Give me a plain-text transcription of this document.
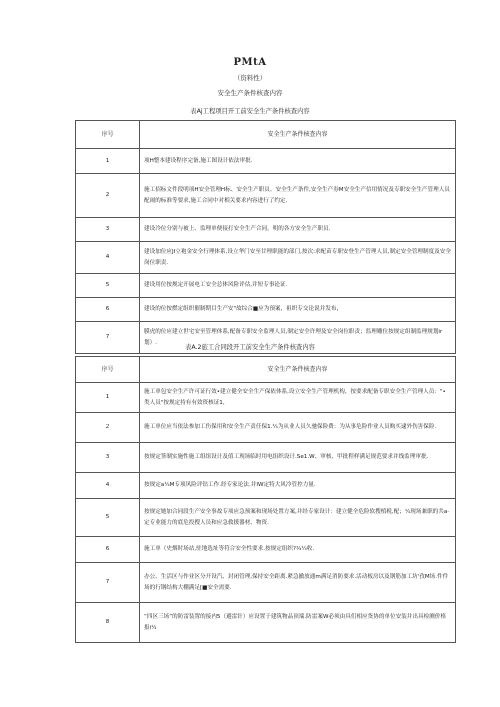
PMtA
（资料性）
安全生产条件核查内容
表Aj工程项目开工前安全生产条件核查内容
序号	安全生产条件核查内容
1	项H整本建设程序完备,施工图设计依法审批.
2	施工招标文件段明项H安全管理H标、安全生产职员、安全生产条件,安全生产券M安全生产信用情况及专职安全生产管理人员配闹的标准等要求,施工合同中对相关要求内容进行了约定.
3	建设冷位分别与被上、监理单便接打安全生产合同，明的各方安全生产职员.
4	建设加位应JI立袍金安全行理体系,设立华门安至甘理职能的部门,按次:求配苗专职安登生产管理人员,制定安全管理制度及安全岗位职责.
5	建设用位按规定开展电工安全总体风险评估,并短专事论证.
6	建设的位按燃定组织催制期目生产安"故综合■应为预案，祖织专交论说并发布，
7	膜虎的位应建立世宅安至管理体系,配备专职安全监理人员,制定安全许理及安全岗位职责；监理雕位按规定组制监理规划ir划）.
表A.2旅工合同段开工前安全生产条件核查内容
序号	安全生产条件核查内容
1	施工单包安全生产许可证行效•建立健全安全生产保依体系,设立安全生产管理机构，按要求配备专职安全生产管理人员："•类人员"按规定持有有效资核证1，
2	施工单位应当依法参加工伤保用和安全生产责任保1.¼为从业人员久驰保险费：为从事危险作业人员购买逮外伤害保险.
3	按规定签制实施性施工组组设计及值工现场临时用电组织设计.Se1.W、审核、甲批程样满足规范要求并线监理审批.
4	按规定a¼M专项风险评钻工作.经专家论法.并IW定特大风冷管控力量.
5	按规定她加合同段生产安全事故专项应急预案和现场处置方案,并经专家设计：建立健全危险软搜植税,配；¼现场兼职的共a·定专业能力的底危投搜人员和应急救援器材、物资.
6	施工单（史烟时场站,驻地选址等符合安全性要求.按规定组织?¾¼收.
7	办公、生活区与作业区分开设汽、封闭管理,保持安全距离.紧急撤放通m满足消防要求.活动板房以及钢筋加工坊'孜M场.件件场的行钢结构大棚满足[■安全需要.
8	“四区三场”的防雷装置的接内5（避雷针）应设置于建筑物品顶端.防雷案W必须由具们相应货协的单位安装并出具检测价格报i¼
